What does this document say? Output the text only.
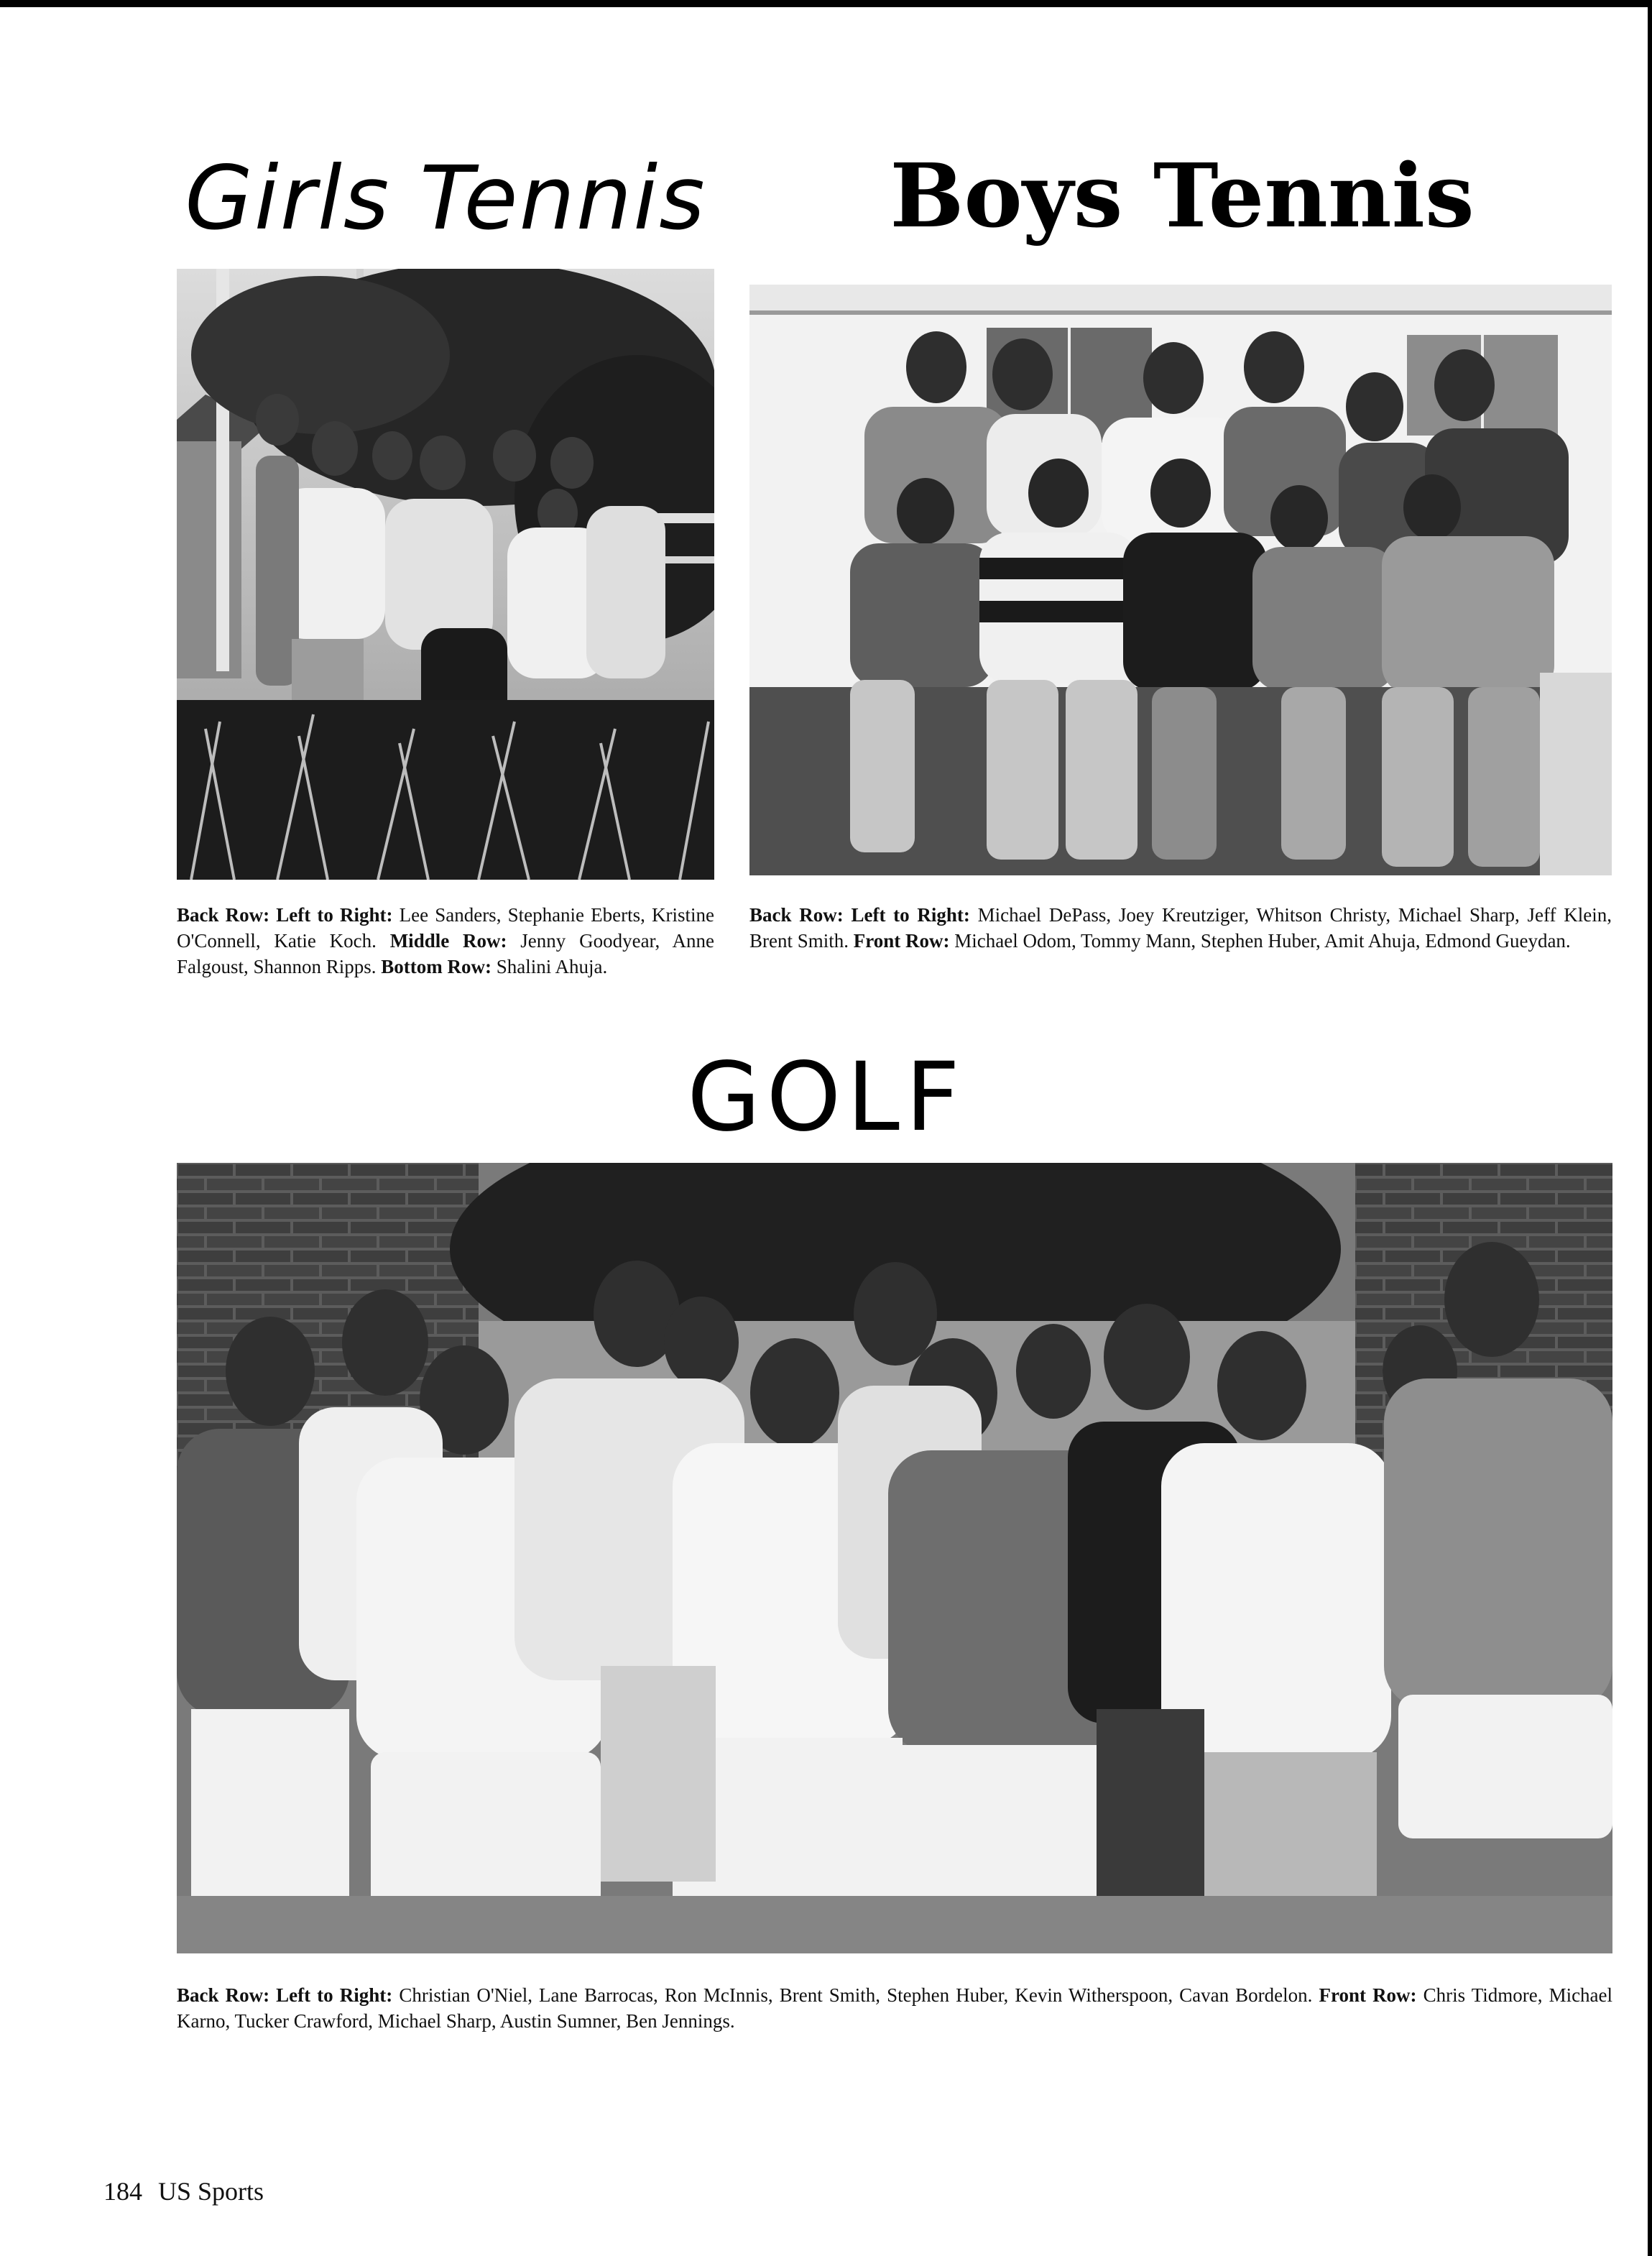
Girls Tennis
Back Row: Left to Right: Lee Sanders, Stephanie Eberts, Kristine O'Connell, Katie Koch. Middle Row: Jenny Goodyear, Anne Falgoust, Shannon Ripps. Bottom Row: Shalini Ahuja.
Boys Tennis
Back Row: Left to Right: Michael DePass, Joey Kreutziger, Whitson Christy, Michael Sharp, Jeff Klein, Brent Smith. Front Row: Michael Odom, Tommy Mann, Stephen Huber, Amit Ahuja, Edmond Gueydan.
GOLF
Back Row: Left to Right: Christian O'Niel, Lane Barrocas, Ron McInnis, Brent Smith, Stephen Huber, Kevin Witherspoon, Cavan Bordelon. Front Row: Chris Tidmore, Michael Karno, Tucker Crawford, Michael Sharp, Austin Sumner, Ben Jennings.
184 US Sports
